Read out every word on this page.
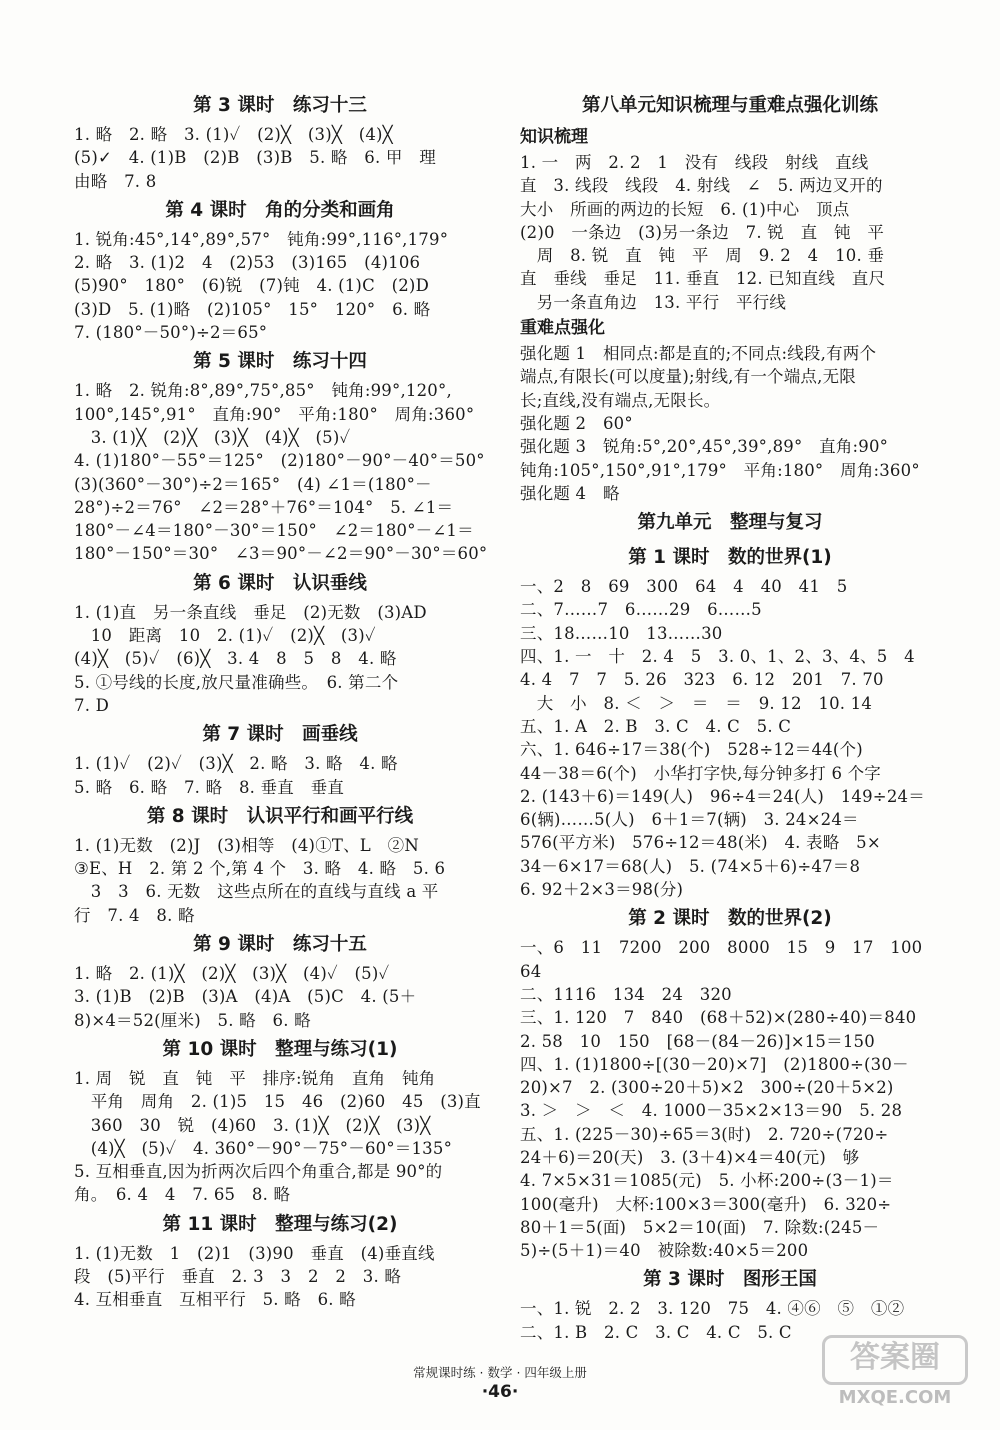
第 3 课时　练习十三
1. 略　2. 略　3. (1)✓　(2)╳　(3)╳　(4)╳
(5)✓　4. (1)B　(2)B　(3)B　5. 略　6. 甲　理
由略　7. 8
第 4 课时　角的分类和画角
1. 锐角:45°,14°,89°,57°　钝角:99°,116°,179°
2. 略　3. (1)2　4　(2)53　(3)165　(4)106
(5)90°　180°　(6)锐　(7)钝　4. (1)C　(2)D
(3)D　5. (1)略　(2)105°　15°　120°　6. 略
7. (180°－50°)÷2＝65°
第 5 课时　练习十四
1. 略　2. 锐角:8°,89°,75°,85°　钝角:99°,120°,
100°,145°,91°　直角:90°　平角:180°　周角:360°
　3. (1)╳　(2)╳　(3)╳　(4)╳　(5)✓
4. (1)180°－55°＝125°　(2)180°－90°－40°＝50°
(3)(360°－30°)÷2＝165°　(4) ∠1＝(180°－
28°)÷2＝76°　∠2＝28°＋76°＝104°　5. ∠1＝
180°－∠4＝180°－30°＝150°　∠2＝180°－∠1＝
180°－150°＝30°　∠3＝90°－∠2＝90°－30°＝60°
第 6 课时　认识垂线
1. (1)直　另一条直线　垂足　(2)无数　(3)AD
　10　距离　10　2. (1)✓　(2)╳　(3)✓
(4)╳　(5)✓　(6)╳　3. 4　8　5　8　4. 略
5. ①号线的长度,放尺量准确些。　6. 第二个
7. D
第 7 课时　画垂线
1. (1)✓　(2)✓　(3)╳　2. 略　3. 略　4. 略
5. 略　6. 略　7. 略　8. 垂直　垂直
第 8 课时　认识平行和画平行线
1. (1)无数　(2)J　(3)相等　(4)①T、L　②N
③E、H　2. 第 2 个,第 4 个　3. 略　4. 略　5. 6
　3　3　6. 无数　这些点所在的直线与直线 a 平
行　7. 4　8. 略
第 9 课时　练习十五
1. 略　2. (1)╳　(2)╳　(3)╳　(4)✓　(5)✓
3. (1)B　(2)B　(3)A　(4)A　(5)C　4. (5＋
8)×4＝52(厘米)　5. 略　6. 略
第 10 课时　整理与练习(1)
1. 周　锐　直　钝　平　排序:锐角　直角　钝角
　平角　周角　2. (1)5　15　46　(2)60　45　(3)直
　360　30　锐　(4)60　3. (1)╳　(2)╳　(3)╳
　(4)╳　(5)✓　4. 360°－90°－75°－60°＝135°
5. 互相垂直,因为折两次后四个角重合,都是 90°的
角。　6. 4　4　7. 65　8. 略
第 11 课时　整理与练习(2)
1. (1)无数　1　(2)1　(3)90　垂直　(4)垂直线
段　(5)平行　垂直　2. 3　3　2　2　3. 略
4. 互相垂直　互相平行　5. 略　6. 略
第八单元知识梳理与重难点强化训练
知识梳理
1. 一　两　2. 2　1　没有　线段　射线　直线
直　3. 线段　线段　4. 射线　∠　5. 两边叉开的
大小　所画的两边的长短　6. (1)中心　顶点
(2)0　一条边　(3)另一条边　7. 锐　直　钝　平
　周　8. 锐　直　钝　平　周　9. 2　4　10. 垂
直　垂线　垂足　11. 垂直　12. 已知直线　直尺
　另一条直角边　13. 平行　平行线
重难点强化
强化题 1　相同点:都是直的;不同点:线段,有两个
端点,有限长(可以度量);射线,有一个端点,无限
长;直线,没有端点,无限长。
强化题 2　60°
强化题 3　锐角:5°,20°,45°,39°,89°　直角:90°
钝角:105°,150°,91°,179°　平角:180°　周角:360°
强化题 4　略
第九单元　整理与复习
第 1 课时　数的世界(1)
一、2　8　69　300　64　4　40　41　5
二、7……7　6……29　6……5
三、18……10　13……30
四、1. 一　十　2. 4　5　3. 0、1、2、3、4、5　4
4. 4　7　7　5. 26　323　6. 12　201　7. 70
　大　小　8. ＜　＞　＝　＝　9. 12　10. 14
五、1. A　2. B　3. C　4. C　5. C
六、1. 646÷17＝38(个)　528÷12＝44(个)
44－38＝6(个)　小华打字快,每分钟多打 6 个字
2. (143＋6)＝149(人)　96÷4＝24(人)　149÷24＝
6(辆)……5(人)　6＋1＝7(辆)　3. 24×24＝
576(平方米)　576÷12＝48(米)　4. 表略　5×
34－6×17＝68(人)　5. (74×5＋6)÷47＝8
6. 92＋2×3＝98(分)
第 2 课时　数的世界(2)
一、6　11　7200　200　8000　15　9　17　100
64
二、1116　134　24　320
三、1. 120　7　840　(68＋52)×(280÷40)＝840
2. 58　10　150　[68－(84－26)]×15＝150
四、1. (1)1800÷[(30－20)×7]　(2)1800÷(30－
20)×7　2. (300÷20＋5)×2　300÷(20＋5×2)
3. ＞　＞　＜　4. 1000－35×2×13＝90　5. 28
五、1. (225－30)÷65＝3(时)　2. 720÷(720÷
24＋6)＝20(天)　3. (3＋4)×4＝40(元)　够
4. 7×5×31＝1085(元)　5. 小杯:200÷(3－1)＝
100(毫升)　大杯:100×3＝300(毫升)　6. 320÷
80＋1＝5(面)　5×2＝10(面)　7. 除数:(245－
5)÷(5＋1)＝40　被除数:40×5＝200
第 3 课时　图形王国
一、1. 锐　2. 2　3. 120　75　4. ④⑥　⑤　①②
二、1. B　2. C　3. C　4. C　5. C
常规课时练 · 数学 · 四年级上册
·46·
答案圈
MXQE.COM
